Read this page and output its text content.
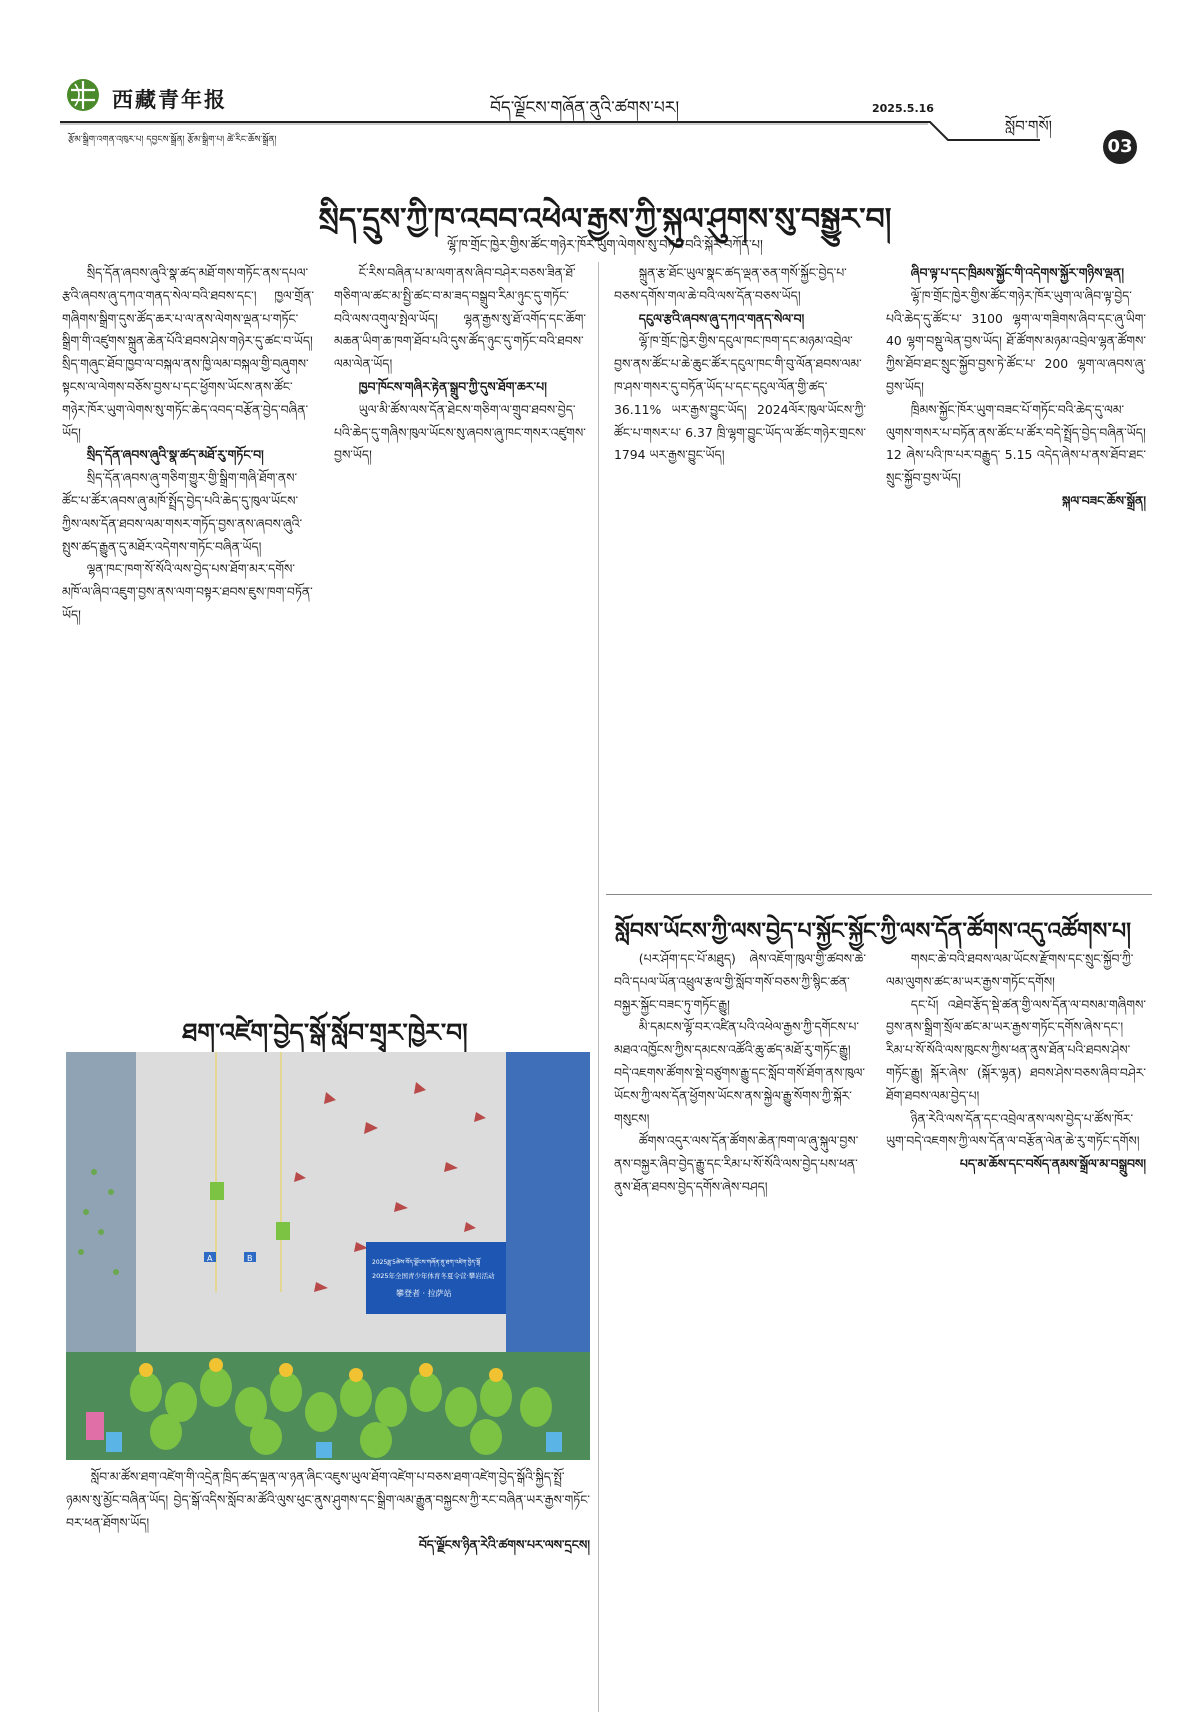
西藏青年报	བོད་ལྗོངས་གཞོན་ནུའི་ཚགས་པར།	2025.5.16
སློབ་གསོ།
རྩོམ་སྒྲིག་འགན་འཁུར་པ། དབྱངས་སྒྲོན། རྩོམ་སྒྲིག་པ། ཚེ་རིང་ཆོས་སྒྲོན།	03
སྲིད་དྲུས་ཀྱི་ཁ་འབབ་འཕེལ་རྒྱས་ཀྱི་སྐུལ་ཤུགས་སུ་བསྒྱུར་བ།
ལྷོ་ཁ་གྲོང་ཁྱེར་གྱིས་ཚོང་གཉེར་ཁོར་ཡུག་ལེགས་སུ་བཏང་བའི་སྐོར་བཀོད་པ།

སྲིད་དོན་ཞབས་ཞུའི་སྣ་ཚད་མཐོ་གས་གཏོང་ནས་དཔལ་རྩའི་ཞབས་ཞུ་དཀའ་གནད་སེལ་བའི་ཐབས་དང་། ཁྱལ་གྲོན་གཞིགས་སྒྲིག་དུས་ཚོད་ཆར་པ་ལ་ནས་ལེགས་ལྡན་པ་གཏོང་སྒྲིག་གི་འཛུགས་སྐྲུན་ཆེན་པོའི་ཐབས་ཤེས་གཉེར་དུ་ཚང་བ་ཡོད། སྲིད་གཞུང་ཐོབ་ཁྱབ་ལ་བསྐལ་ནས་ཁྱི་ལམ་བསྐལ་གྱི་བཞུགས་སྟངས་ལ་ལེགས་བཅོས་བྱས་པ་དང་ཕྱོགས་ཡོངས་ནས་ཚོང་གཉེར་ཁོར་ཡུག་ལེགས་སུ་གཏོང་ཆེད་འབད་བརྩོན་བྱེད་བཞིན་ཡོད།

སྲིད་དོན་ཞབས་ཞུའི་སྣ་ཚད་མཐོ་རུ་གཏོང་བ།

སྲིད་དོན་ཞབས་ཞུ་གཅིག་གྱུར་གྱི་སྒྲིག་གཞི་ཐོག་ནས་ཚོང་པ་ཚོར་ཞབས་ཞུ་མཁོ་སྤྲོད་བྱེད་པའི་ཆེད་དུ་ཁུལ་ཡོངས་ཀྱིས་ལས་དོན་ཐབས་ལམ་གསར་གཏོད་བྱས་ནས་ཞབས་ཞུའི་སྤུས་ཚད་རྒྱུན་དུ་མཐོར་འདེགས་གཏོང་བཞིན་ཡོད།

ལྷན་ཁང་ཁག་སོ་སོའི་ལས་བྱེད་པས་ཐོག་མར་དགོས་མཁོ་ལ་ཞིབ་འཇུག་བྱས་ནས་ལག་བསྟར་ཐབས་ཇུས་ཁག་བཏོན་ཡོད།

ངོ་རིས་བཞིན་པ་མ་ལག་ནས་ཞིབ་བཤེར་བཅས་ཟིན་ཐོ་གཅིག་ལ་ཚང་མ་སྤྱི་ཚང་བ་མ་ཟད་བསྒྲུབ་རིམ་ཉུང་དུ་གཏོང་བའི་ལས་འགུལ་སྤེལ་ཡོད། ལྷན་རྒྱས་སུ་ཐོ་འགོད་དང་ཆོག་མཆན་ཡིག་ཆ་ཁག་ཐོབ་པའི་དུས་ཚོད་ཉུང་དུ་གཏོང་བའི་ཐབས་ལམ་ལེན་ཡོད།

ཁྱབ་ཁོངས་གཞིར་རྟེན་སྒྲུབ་ཀྱི་དུས་ཐོག་ཆར་པ།

ཡུལ་མི་ཚོས་ལས་དོན་ཐེངས་གཅིག་ལ་གྲུབ་ཐབས་བྱེད་པའི་ཆེད་དུ་གཞིས་ཁུལ་ཡོངས་སུ་ཞབས་ཞུ་ཁང་གསར་འཛུགས་བྱས་ཡོད།

སྐྲུན་རྩ་ཐོང་ཡུལ་སྣང་ཚད་ལྡན་ཅན་གསོ་སྐྱོང་བྱེད་པ་བཅས་དགོས་གལ་ཆེ་བའི་ལས་དོན་བཅས་ཡོད།

དངུལ་རྩའི་ཞབས་ཞུ་དཀའ་གནད་སེལ་བ།

ལྷོ་ཁ་གྲོང་ཁྱེར་གྱིས་དངུལ་ཁང་ཁག་དང་མཉམ་འབྲེལ་བྱས་ནས་ཚོང་པ་ཆེ་ཆུང་ཚོར་དངུལ་ཁང་གི་བུ་ལོན་ཐབས་ལམ་ཁ་ཤས་གསར་དུ་བཏོན་ཡོད་པ་དང་དངུལ་ལོན་གྱི་ཚད་ 36.11% ཡར་རྒྱས་བྱུང་ཡོད། 2024ལོར་ཁུལ་ཡོངས་ཀྱི་ཚོང་པ་གསར་པ་ 6.37 ཁྲི་ལྷག་བྱུང་ཡོད་ལ་ཚོང་གཉེར་གྲངས་ 1794 ཡར་རྒྱས་བྱུང་ཡོད།

ཞིབ་ལྟ་པ་དང་ཁྲིམས་སྐྱོང་གི་འདེགས་སྐྱོར་གཉིས་ལྡན།

ལྷོ་ཁ་གྲོང་ཁྱེར་གྱིས་ཚོང་གཉེར་ཁོར་ཡུག་ལ་ཞིབ་ལྟ་བྱེད་པའི་ཆེད་དུ་ཚོང་པ་ 3100 ལྷག་ལ་གཟིགས་ཞིབ་དང་ཞུ་ཡིག་ 40 ལྷག་བསྡུ་ལེན་བྱས་ཡོད། ཐོ་ཚོགས་མཉམ་འབྲེལ་ལྷན་ཚོགས་ཀྱིས་ཐོབ་ཐང་སྲུང་སྐྱོབ་བྱས་ཏེ་ཚོང་པ་ 200 ལྷག་ལ་ཞབས་ཞུ་བྱས་ཡོད།

ཁྲིམས་སྐྱོང་ཁོར་ཡུག་བཟང་པོ་གཏོང་བའི་ཆེད་དུ་ལམ་ལུགས་གསར་པ་བཏོན་ནས་ཚོང་པ་ཚོར་བདེ་སྤྲོད་བྱེད་བཞིན་ཡོད། 12 ཞེས་པའི་ཁ་པར་བརྒྱུད་ 5.15 འདེད་ཞེས་པ་ནས་ཐོབ་ཐང་སྲུང་སྐྱོབ་བྱས་ཡོད།

སྐལ་བཟང་ཆོས་སྒྲོན།

ཐག་འཛེག་བྱེད་སྒོ་སློབ་གྲྭར་ཁྱེར་བ།
A	B	2025ཟླ་5ཚེས་བོད་ལྗོངས་གཞོན་ནུ་ཐག་འཛེག་བྱེད་སྒོ
2025年全国青少年体育冬夏令营·攀岩活动
攀登者 · 拉萨站

སློབ་མ་ཚོས་ཐག་འཛེག་གི་འདྲེན་ཁྲིད་ཚད་ལྡན་ལ་ཉན་ཞིང་འཇུས་ཡུལ་ཐོག་འཛེག་པ་བཅས་ཐག་འཛེག་བྱེད་སྒོའི་སྐྱིད་སྤྲོ་ཉམས་སུ་མྱོང་བཞིན་ཡོད། བྱེད་སྒོ་འདིས་སློབ་མ་ཚོའི་ལུས་ཕུང་ནུས་ཤུགས་དང་སྒྲིག་ལམ་རྒྱུན་བསྐྱངས་ཀྱི་རང་བཞིན་ཡར་རྒྱས་གཏོང་བར་ཕན་ཐོགས་ཡོད།

བོད་ལྗོངས་ཉིན་རེའི་ཚགས་པར་ལས་དྲངས།

སློབས་ཡོངས་ཀྱི་ལས་བྱེད་པ་སྐྱོང་སྐྱོང་ཀྱི་ལས་དོན་ཚོགས་འདུ་འཚོགས་པ།

(པར་ཤོག་དང་པོ་མཐུད) ཞེས་འཇོག་ཁུལ་གྱི་ཚབས་ཆེ་བའི་དཔལ་ཡོན་འཕྲུལ་རྩལ་གྱི་སློབ་གསོ་བཅས་ཀྱི་སྙིང་ཚན་བསྐྱར་སྐྱོང་བཟང་ཏུ་གཏོང་རྒྱུ།

མི་དམངས་ལྷོ་བར་འཛིན་པའི་འཕེལ་རྒྱས་ཀྱི་དགོངས་པ་མཐའ་འཁྱོངས་ཀྱིས་དམངས་འཚོའི་ཆུ་ཚད་མཐོ་རུ་གཏོང་རྒྱུ། བདེ་འཇགས་ཚོགས་སྡེ་བཙུགས་རྒྱུ་དང་སློབ་གསོ་ཐོག་ནས་ཁུལ་ཡོངས་ཀྱི་ལས་དོན་ཕྱོགས་ཡོངས་ནས་སྐྱེལ་རྒྱུ་སོགས་ཀྱི་སྐོར་གསུངས།

ཚོགས་འདུར་ལས་དོན་ཚོགས་ཆེན་ཁག་ལ་ཞུ་སྐུལ་བྱས་ནས་བསྐྱར་ཞིབ་བྱེད་རྒྱུ་དང་རིམ་པ་སོ་སོའི་ལས་བྱེད་པས་ཕན་ནུས་ཐོན་ཐབས་བྱེད་དགོས་ཞེས་བཤད།

གསང་ཆེ་བའི་ཐབས་ལམ་ཡོངས་རྫོགས་དང་སྲུང་སྐྱོབ་ཀྱི་ལམ་ལུགས་ཚང་མ་ཡར་རྒྱས་གཏོང་དགོས།

དང་པོ། འཐེབ་རྩོད་སྡེ་ཚན་གྱི་ལས་དོན་ལ་བསམ་གཞིགས་བྱས་ནས་སྒྲིག་སྲོལ་ཚང་མ་ཡར་རྒྱས་གཏོང་དགོས་ཞེས་དང་། རིམ་པ་སོ་སོའི་ལས་ཁུངས་ཀྱིས་ཕན་ནུས་ཐོན་པའི་ཐབས་ཤེས་གཏོང་རྒྱུ། སྐོར་ཞེས་ (སྐོར་ལྷན) ཐབས་ཤེས་བཅས་ཞིབ་བཤེར་ཐོག་ཐབས་ལམ་བྱེད་པ།

ཉིན་རེའི་ལས་དོན་དང་འབྲེལ་ནས་ལས་བྱེད་པ་ཚོས་ཁོར་ཡུག་བདེ་འཇགས་ཀྱི་ལས་དོན་ལ་བརྩོན་ལེན་ཆེ་རུ་གཏོང་དགོས།

པད་མ་ཆོས་དང་བསོད་ནམས་སྒྲོལ་མ་བསྒྲུབས།
